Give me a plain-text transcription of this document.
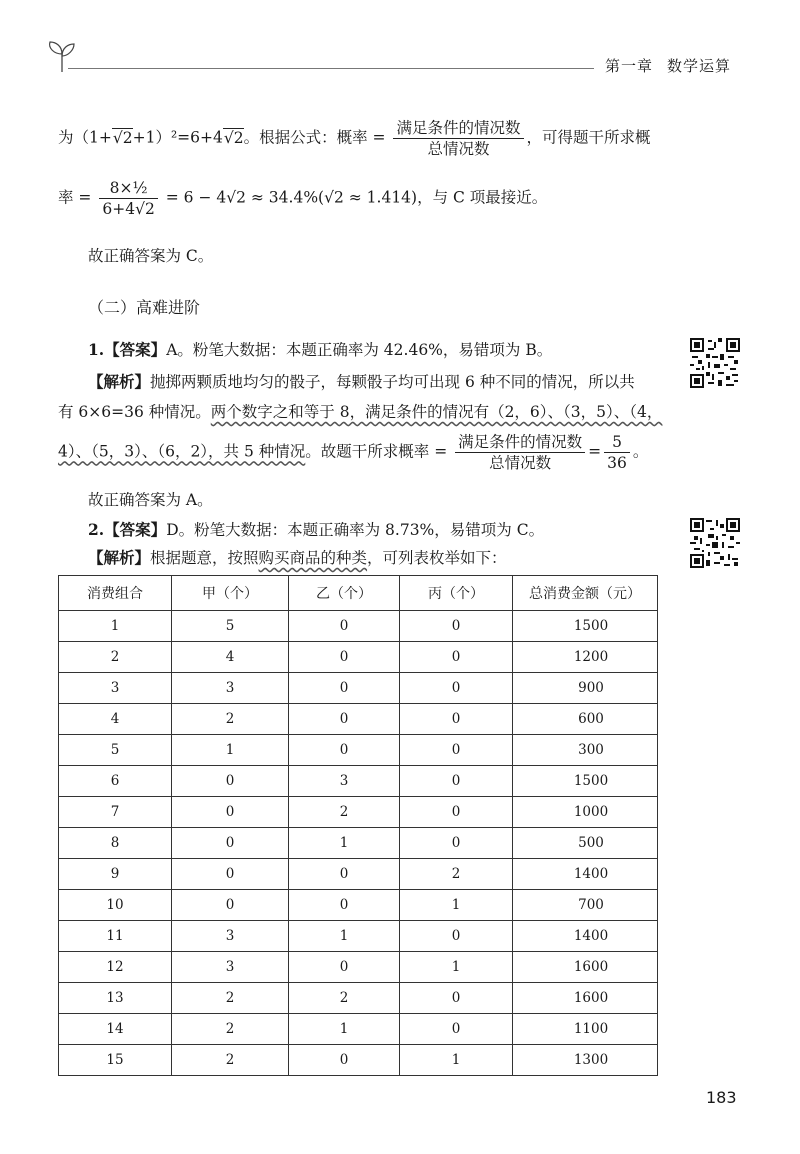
第一章 数学运算
为（1+√2+1）²=6+4√2。根据公式：概率 = $\frac{\text{满足条件的情况数}}{\text{总情况数}}$ ，可得题干所求概
率 = $\frac{\text{8×½}}{6+4√2} = 6 - 4√2 \approx 34.4\%(√2 \approx 1.414)$，与 C 项最接近。
故正确答案为 C。
（二）高难进阶
1.【答案】A。粉笔大数据：本题正确率为 42.46%，易错项为 B。
【解析】抛掷两颗质地均匀的骰子，每颗骰子均可出现 6 种不同的情况，所以共
有 6×6=36 种情况。两个数字之和等于 8，满足条件的情况有（2，6）、（3，5）、（4，
4）、（5，3）、（6，2），共 5 种情况。故题干所求概率 = $\frac{\text{满足条件的情况数}}{\text{总情况数}} = \frac{5}{36}$ 。
故正确答案为 A。
2.【答案】D。粉笔大数据：本题正确率为 8.73%，易错项为 C。
【解析】根据题意，按照购买商品的种类，可列表枚举如下：
消费组合	甲（个）	乙（个）	丙（个）	总消费金额（元）
1	5	0	0	1500
2	4	0	0	1200
3	3	0	0	900
4	2	0	0	600
5	1	0	0	300
6	0	3	0	1500
7	0	2	0	1000
8	0	1	0	500
9	0	0	2	1400
10	0	0	1	700
11	3	1	0	1400
12	3	0	1	1600
13	2	2	0	1600
14	2	1	0	1100
15	2	0	1	1300
183
